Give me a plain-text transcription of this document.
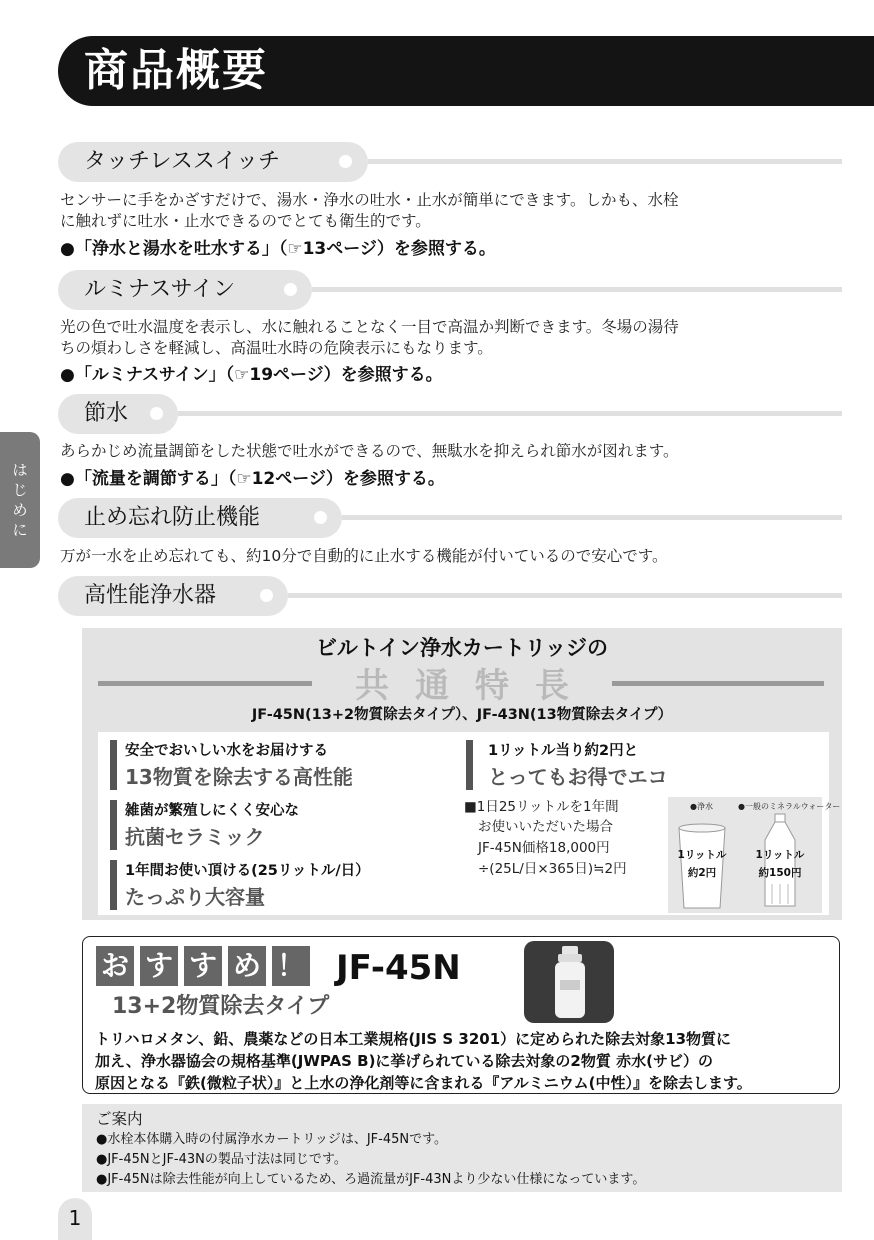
商品概要
は
じ
め
に
タッチレススイッチ
センサーに手をかざすだけで、湯水・浄水の吐水・止水が簡単にできます。しかも、水栓
に触れずに吐水・止水できるのでとても衛生的です。
●「浄水と湯水を吐水する」（☞13ページ）を参照する。
ルミナスサイン
光の色で吐水温度を表示し、水に触れることなく一目で高温か判断できます。冬場の湯待
ちの煩わしさを軽減し、高温吐水時の危険表示にもなります。
●「ルミナスサイン」（☞19ページ）を参照する。
節水
あらかじめ流量調節をした状態で吐水ができるので、無駄水を抑えられ節水が図れます。
●「流量を調節する」（☞12ページ）を参照する。
止め忘れ防止機能
万が一水を止め忘れても、約10分で自動的に止水する機能が付いているので安心です。
高性能浄水器
ビルトイン浄水カートリッジの
共通特長
JF-45N(13+2物質除去タイプ）、JF-43N(13物質除去タイプ）
安全でおいしい水をお届けする
13物質を除去する高性能
雑菌が繁殖しにくく安心な
抗菌セラミック
1年間お使い頂ける(25リットル/日）
たっぷり大容量
1リットル当り約2円と
とってもお得でエコ
■1日25リットルを1年間
お使いいただいた場合
JF-45N価格18,000円
÷(25L/日×365日)≒2円
●浄水	●一般のミネラルウォーター
1リットル
約2円
1リットル
約150円
お す す め ！ JF-45N
13+2物質除去タイプ
トリハロメタン、鉛、農薬などの日本工業規格(JIS S 3201）に定められた除去対象13物質に
加え、浄水器協会の規格基準(JWPAS B)に挙げられている除去対象の2物質 赤水(サビ）の
原因となる『鉄(微粒子状）』と上水の浄化剤等に含まれる『アルミニウム(中性）』を除去します。
ご案内
●水栓本体購入時の付属浄水カートリッジは、JF-45Nです。
●JF-45NとJF-43Nの製品寸法は同じです。
●JF-45Nは除去性能が向上しているため、ろ過流量がJF-43Nより少ない仕様になっています。
1
